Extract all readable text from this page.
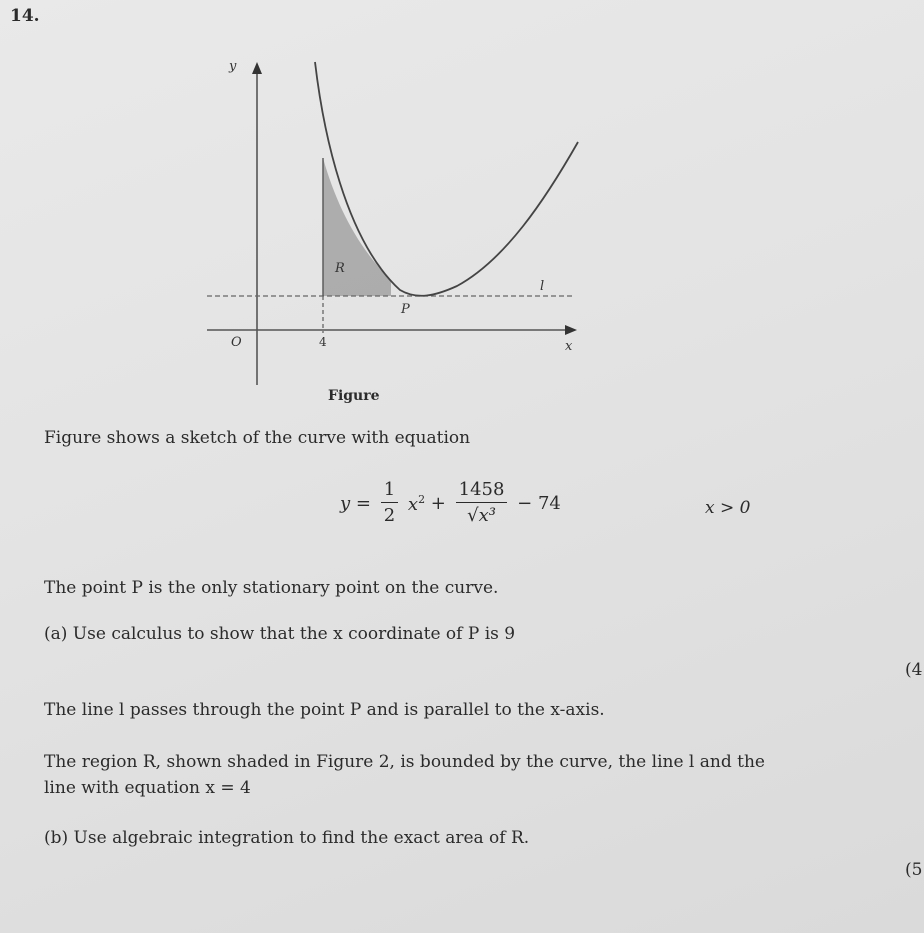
14.
y
x
O	4
R
l
P
Figure
Figure shows a sketch of the curve with equation
$y = \frac{1}{2} x^2 + \frac{1458}{\text{√x³}} - 74$	x > 0
The point P is the only stationary point on the curve.
(a) Use calculus to show that the x coordinate of P is 9
(4
The line l passes through the point P and is parallel to the x-axis.
The region R, shown shaded in Figure 2, is bounded by the curve, the line l and the
line with equation x = 4
(b) Use algebraic integration to find the exact area of R.
(5
